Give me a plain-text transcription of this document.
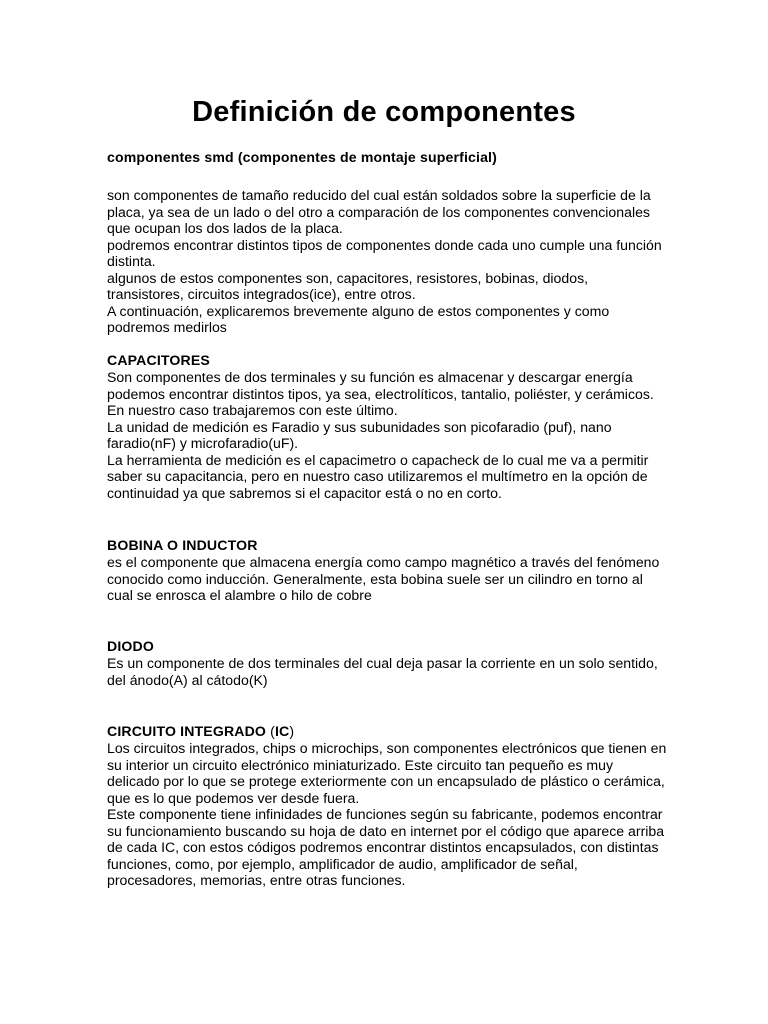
Definición de componentes

componentes smd (componentes de montaje superficial)

son componentes de tamaño reducido del cual están soldados sobre la superficie de la placa, ya sea de un lado o del otro a comparación de los componentes convencionales que ocupan los dos lados de la placa.

podremos encontrar distintos tipos de componentes donde cada uno cumple una función distinta.

algunos de estos componentes son, capacitores, resistores, bobinas, diodos, transistores, circuitos integrados(ice), entre otros.

A continuación, explicaremos brevemente alguno de estos componentes y como podremos medirlos

CAPACITORES

Son componentes de dos terminales y su función es almacenar y descargar energía podemos encontrar distintos tipos, ya sea, electrolíticos, tantalio, poliéster, y cerámicos.

En nuestro caso trabajaremos con este último.

La unidad de medición es Faradio y sus subunidades son picofaradio (puf), nano faradio(nF) y microfaradio(uF).

La herramienta de medición es el capacimetro o capacheck de lo cual me va a permitir saber su capacitancia, pero en nuestro caso utilizaremos el multímetro en la opción de continuidad ya que sabremos si el capacitor está o no en corto.

BOBINA O INDUCTOR

es el componente que almacena energía como campo magnético a través del fenómeno conocido como inducción. Generalmente, esta bobina suele ser un cilindro en torno al cual se enrosca el alambre o hilo de cobre

DIODO

Es un componente de dos terminales del cual deja pasar la corriente en un solo sentido, del ánodo(A) al cátodo(K)

CIRCUITO INTEGRADO (IC)

Los circuitos integrados, chips o microchips, son componentes electrónicos que tienen en su interior un circuito electrónico miniaturizado. Este circuito tan pequeño es muy delicado por lo que se protege exteriormente con un encapsulado de plástico o cerámica, que es lo que podemos ver desde fuera.

Este componente tiene infinidades de funciones según su fabricante, podemos encontrar su funcionamiento buscando su hoja de dato en internet por el código que aparece arriba de cada IC, con estos códigos podremos encontrar distintos encapsulados, con distintas funciones, como, por ejemplo, amplificador de audio, amplificador de señal, procesadores, memorias, entre otras funciones.
